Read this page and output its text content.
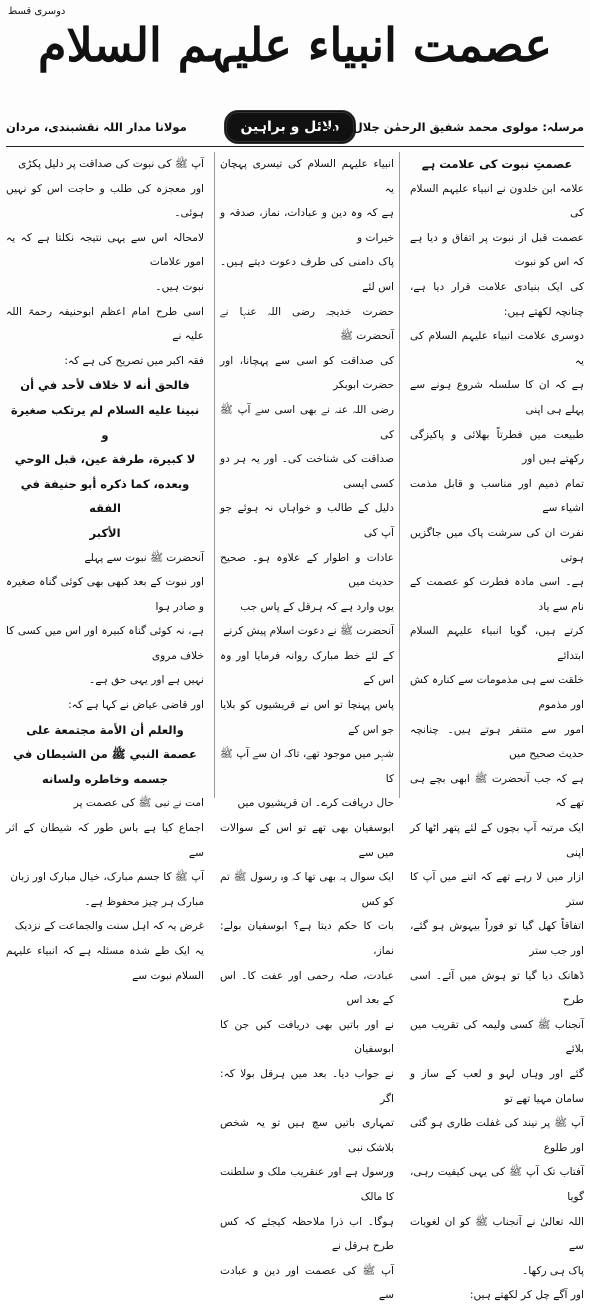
دوسری قسط
عصمت انبیاء علیہم السلام
مولانا مدار اللہ نقشبندی، مردان	دلائل و براہین
مرسلہ: مولوی محمد شفیق الرحمٰن جلال پوری

عصمتِ نبوت کی علامت ہے

علامہ ابن خلدون نے انبیاء علیہم السلام کی

عصمت قبل از نبوت پر اتفاق و دیا ہے کہ اس کو نبوت

کی ایک بنیادی علامت قرار دیا ہے، چنانچہ لکھتے ہیں:

دوسری علامت انبیاء علیہم السلام کی یہ

ہے کہ ان کا سلسلہ شروع ہونے سے پہلے ہی اپنی

طبیعت میں فطرتاً بھلائی و پاکیزگی رکھتے ہیں اور

تمام ذمیم اور مناسب و قابل مذمت اشیاء سے

نفرت ان کی سرشت پاک میں جاگزیں ہوتی

ہے۔ اسی مادہ فطرت کو عصمت کے نام سے یاد

کرتے ہیں، گویا انبیاء علیہم السلام ابتدائے

خلقت سے ہی مذمومات سے کنارہ کش اور مذموم

امور سے متنفر ہوتے ہیں۔ چنانچہ حدیث صحیح میں

ہے کہ جب آنحضرت ﷺ ابھی بچے ہی تھے کہ

ایک مرتبہ آپ بچوں کے لئے پتھر اٹھا کر اپنی

ازار میں لا رہے تھے کہ اتنے میں آپ کا ستر

اتفاقاً کھل گیا تو فوراً بیہوش ہو گئے، اور جب ستر

ڈھانک دیا گیا تو ہوش میں آئے۔ اسی طرح

آنجناب ﷺ کسی ولیمہ کی تقریب میں بلائے

گئے اور وہاں لہو و لعب کے ساز و سامان مہیا تھے تو

آپ ﷺ پر نیند کی غفلت طاری ہو گئی اور طلوع

آفتاب تک آپ ﷺ کی یہی کیفیت رہی، گویا

اللہ تعالیٰ نے آنجناب ﷺ کو ان لغویات سے

پاک ہی رکھا۔

اور آگے چل کر لکھتے ہیں:

انبیاء علیہم السلام کی تیسری پہچان یہ

ہے کہ وہ دین و عبادات، نماز، صدقہ و خیرات و

پاک دامنی کی طرف دعوت دیتے ہیں۔ اس لئے

حضرت خدیجہ رضی اللہ عنہا نے آنحضرت ﷺ

کی صداقت کو اسی سے پہچانا، اور حضرت ابوبکر

رضی اللہ عنہ نے بھی اسی سے آپ ﷺ کی

صداقت کی شناخت کی۔ اور یہ ہر دو کسی ایسی

دلیل کے طالب و خواہاں نہ ہوئے جو آپ کی

عادات و اطوار کے علاوہ ہو۔ صحیح حدیث میں

یوں وارد ہے کہ ہرقل کے پاس جب

آنحضرت ﷺ نے دعوت اسلام پیش کرنے

کے لئے خط مبارک روانہ فرمایا اور وہ اس کے

پاس پہنچا تو اس نے قریشیوں کو بلایا جو اس کے

شہر میں موجود تھے، تاکہ ان سے آپ ﷺ کا

حال دریافت کرے۔ ان قریشیوں میں

ابوسفیان بھی تھے تو اس کے سوالات میں سے

ایک سوال یہ بھی تھا کہ وہ رسول ﷺ تم کو کس

بات کا حکم دیتا ہے؟ ابوسفیان بولے: نماز،

عبادت، صلہ رحمی اور عفت کا۔ اس کے بعد اس

نے اور باتیں بھی دریافت کیں جن کا ابوسفیان

نے جواب دیا۔ بعد میں ہرقل بولا کہ: اگر

تمہاری باتیں سچ ہیں تو یہ شخص بلاشک نبی

ورسول ہے اور عنقریب ملک و سلطنت کا مالک

ہوگا۔ اب ذرا ملاحظہ کیجئے کہ کس طرح ہرقل نے

آپ ﷺ کی عصمت اور دین و عبادت سے

آپ ﷺ کی نبوت کی صداقت پر دلیل پکڑی

اور معجزہ کی طلب و حاجت اس کو نہیں ہوئی۔

لامحالہ اس سے یہی نتیجہ نکلتا ہے کہ یہ امور علامات

نبوت ہیں۔

اسی طرح امام اعظم ابوحنیفہ رحمۃ اللہ علیہ نے

فقہ اکبر میں تصریح کی ہے کہ:

فالحق أنه لا خلاف لأحد في أن

نبينا عليه السلام لم يرتكب صغيرة و

لا كبيرة، طرفة عين، قبل الوحي

وبعده، كما ذكره أبو حنيفة في الفقه

الأكبر

آنحضرت ﷺ نبوت سے پہلے

اور نبوت کے بعد کبھی بھی کوئی گناہ صغیرہ و صادر ہوا

ہے، نہ کوئی گناہ کبیرہ اور اس میں کسی کا خلاف مروی

نہیں ہے اور یہی حق ہے۔

اور قاضی عیاض نے کہا ہے کہ:

والعلم أن الأمة مجتمعة على

عصمة النبي ﷺ من الشيطان في

جسمه وخاطره ولسانه

امت نے نبی ﷺ کی عصمت پر

اجماع کیا ہے باس طور کہ شیطان کے اثر سے

آپ ﷺ کا جسم مبارک، خیال مبارک اور زبان

مبارک ہر چیز محفوظ ہے۔

غرض یہ کہ اہل سنت والجماعت کے نزدیک

یہ ایک طے شدہ مسئلہ ہے کہ انبیاء علیہم السلام نبوت سے
